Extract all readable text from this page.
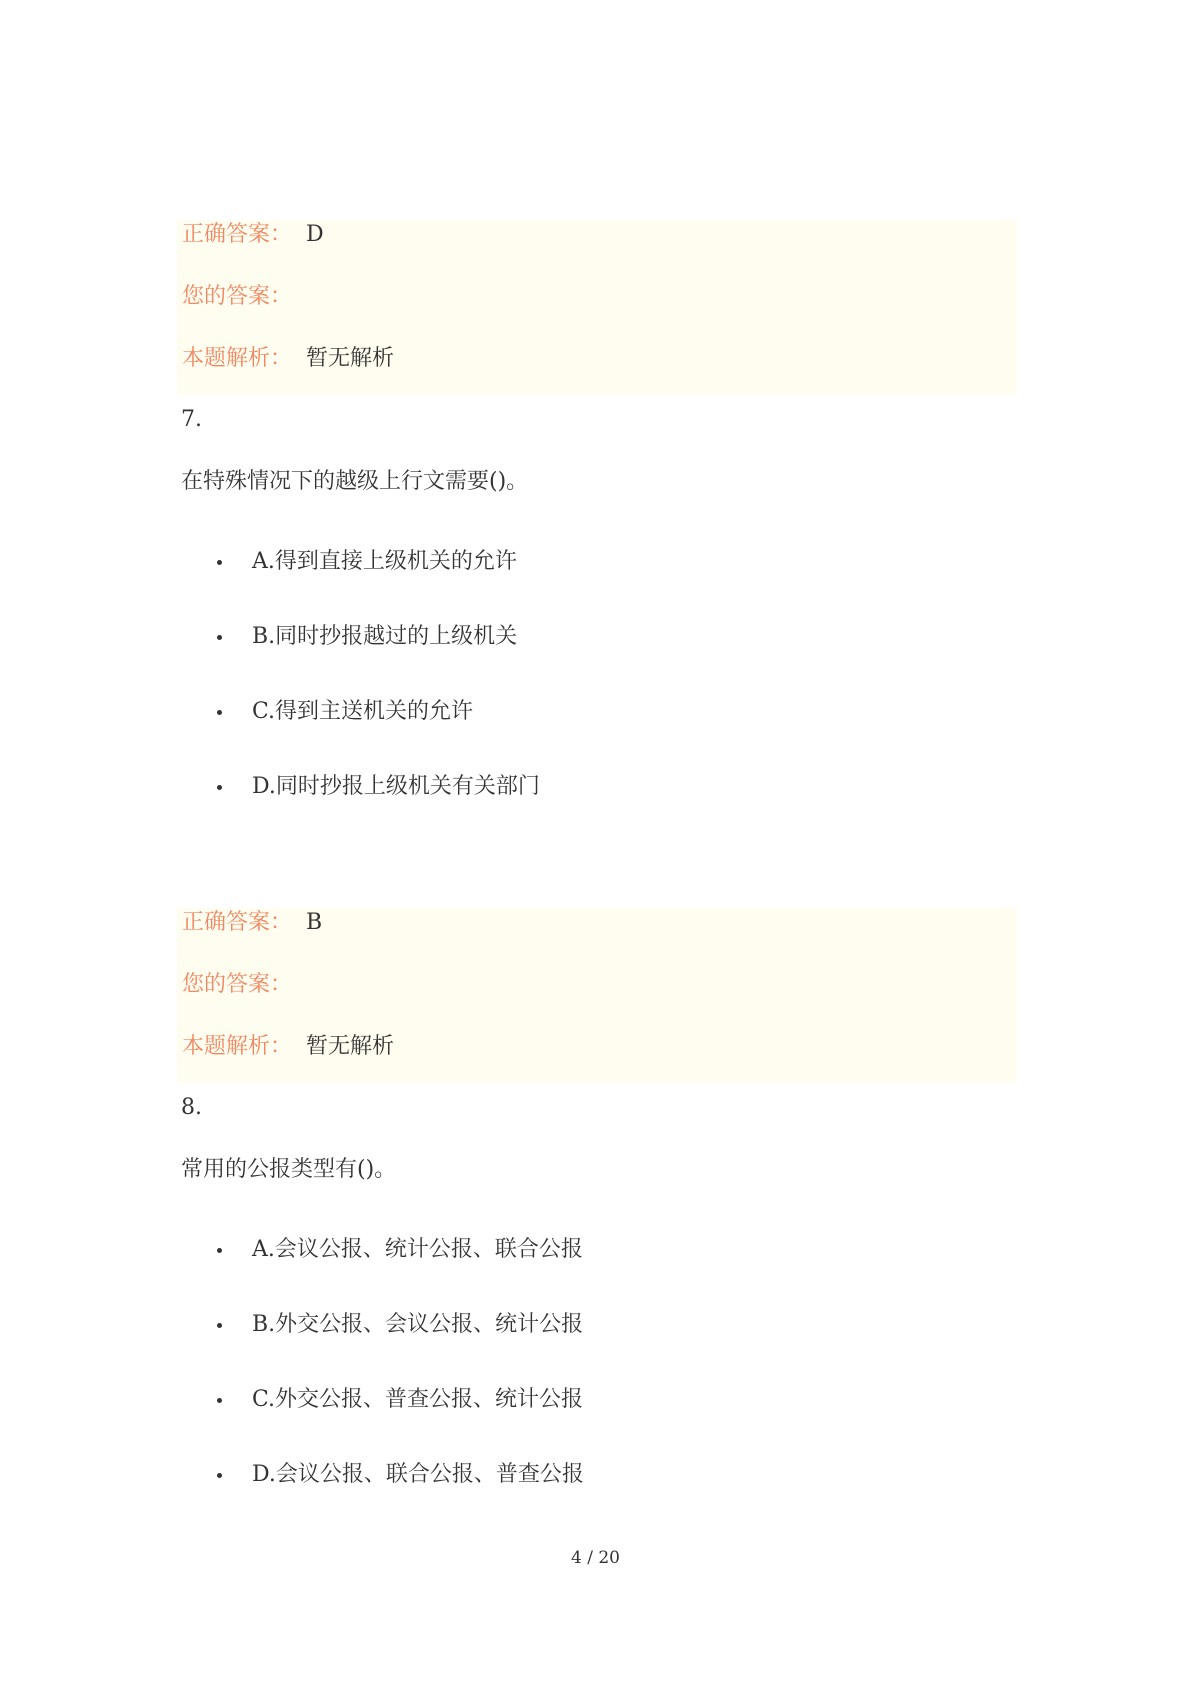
正确答案： D
您的答案：
本题解析： 暂无解析
7.
在特殊情况下的越级上行文需要()。
A.得到直接上级机关的允许
B.同时抄报越过的上级机关
C.得到主送机关的允许
D.同时抄报上级机关有关部门
正确答案： B
您的答案：
本题解析： 暂无解析
8.
常用的公报类型有()。
A.会议公报、统计公报、联合公报
B.外交公报、会议公报、统计公报
C.外交公报、普查公报、统计公报
D.会议公报、联合公报、普查公报
4 / 20
